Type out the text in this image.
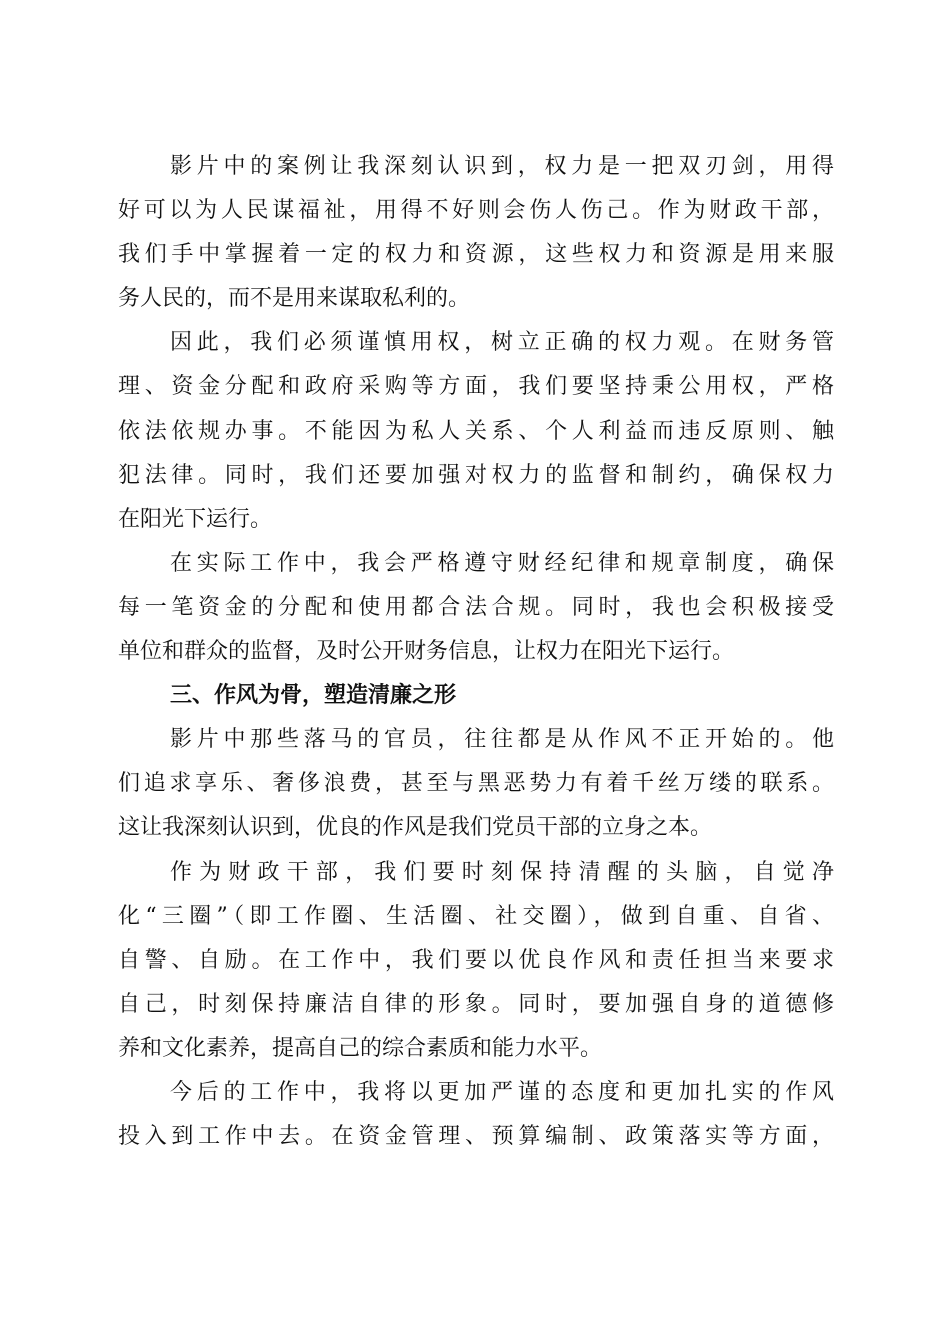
影片中的案例让我深刻认识到，权力是一把双刃剑，用得
好可以为人民谋福祉，用得不好则会伤人伤己。作为财政干部，
我们手中掌握着一定的权力和资源，这些权力和资源是用来服
务人民的，而不是用来谋取私利的。
因此，我们必须谨慎用权，树立正确的权力观。在财务管
理、资金分配和政府采购等方面，我们要坚持秉公用权，严格
依法依规办事。不能因为私人关系、个人利益而违反原则、触
犯法律。同时，我们还要加强对权力的监督和制约，确保权力
在阳光下运行。
在实际工作中，我会严格遵守财经纪律和规章制度，确保
每一笔资金的分配和使用都合法合规。同时，我也会积极接受
单位和群众的监督，及时公开财务信息，让权力在阳光下运行。
三、作风为骨，塑造清廉之形
影片中那些落马的官员，往往都是从作风不正开始的。他
们追求享乐、奢侈浪费，甚至与黑恶势力有着千丝万缕的联系。
这让我深刻认识到，优良的作风是我们党员干部的立身之本。
作为财政干部，我们要时刻保持清醒的头脑，自觉净
化“三圈”（即工作圈、生活圈、社交圈），做到自重、自省、
自警、自励。在工作中，我们要以优良作风和责任担当来要求
自己，时刻保持廉洁自律的形象。同时，要加强自身的道德修
养和文化素养，提高自己的综合素质和能力水平。
今后的工作中，我将以更加严谨的态度和更加扎实的作风
投入到工作中去。在资金管理、预算编制、政策落实等方面，
